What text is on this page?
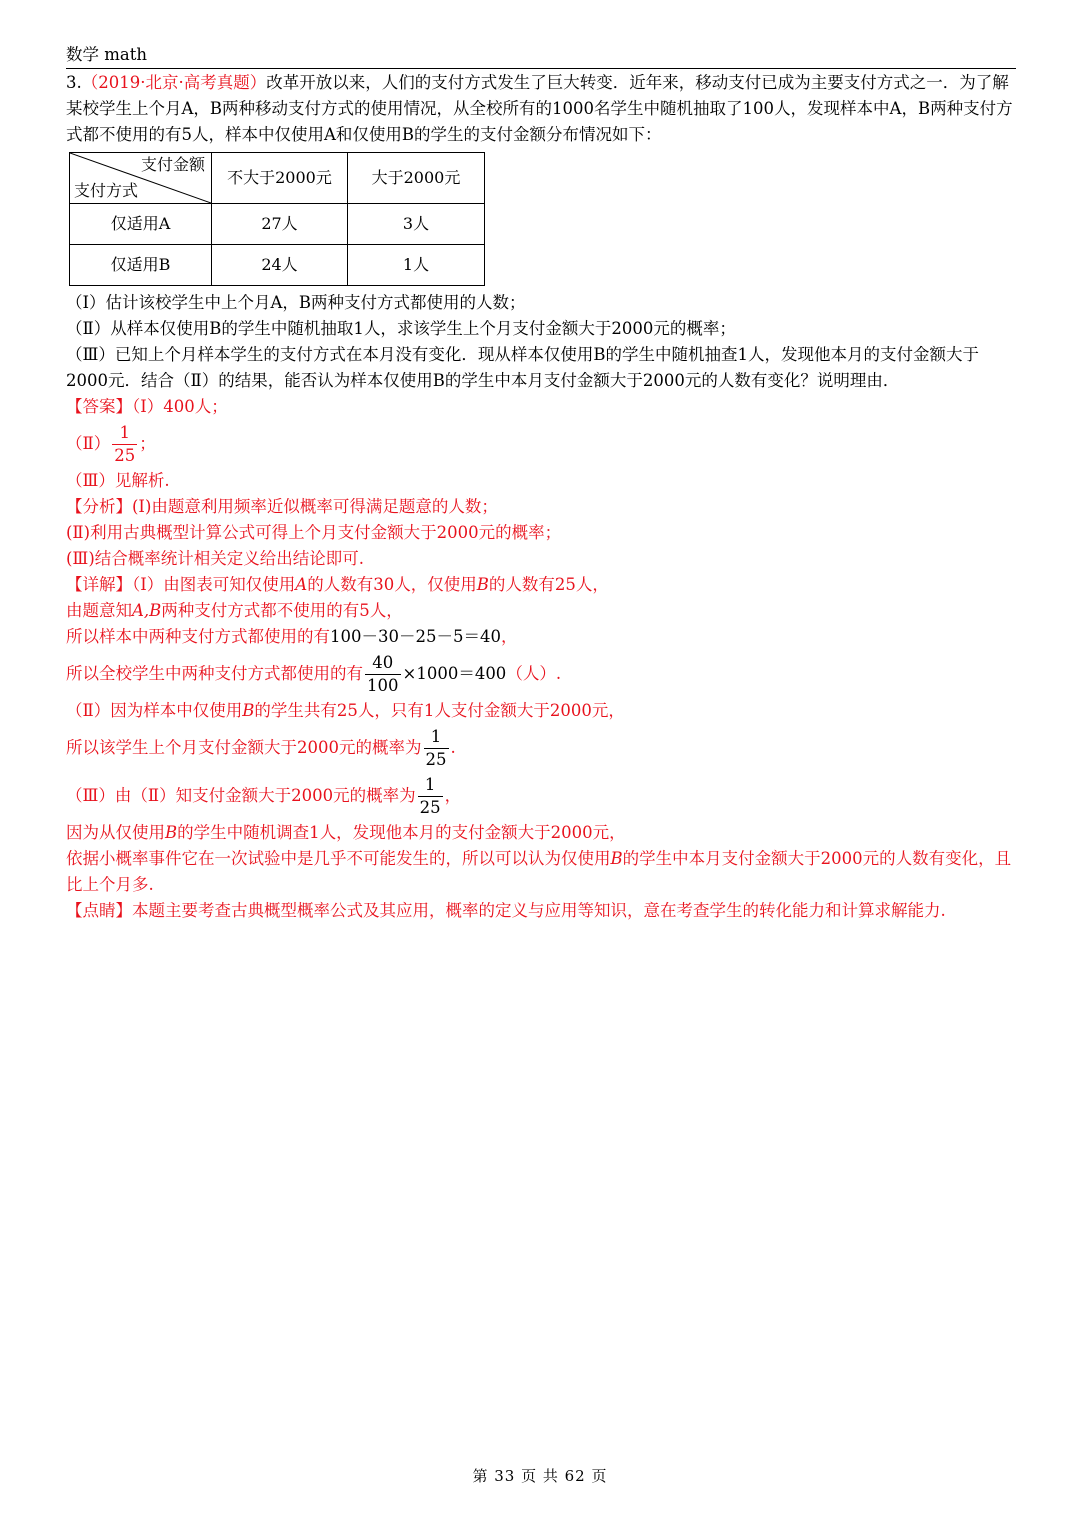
数学 math

3.（2019·北京·高考真题）改革开放以来，人们的支付方式发生了巨大转变．近年来，移动支付已成为主要支付方式之一．为了解某校学生上个月A，B两种移动支付方式的使用情况，从全校所有的1000名学生中随机抽取了100人，发现样本中A，B两种支付方式都不使用的有5人，样本中仅使用A和仅使用B的学生的支付金额分布情况如下：

支付金额
支付方式	不大于2000元	大于2000元
仅适用A	27人	3人
仅适用B	24人	1人

（Ⅰ）估计该校学生中上个月A，B两种支付方式都使用的人数；

（Ⅱ）从样本仅使用B的学生中随机抽取1人，求该学生上个月支付金额大于2000元的概率；

（Ⅲ）已知上个月样本学生的支付方式在本月没有变化．现从样本仅使用B的学生中随机抽查1人，发现他本月的支付金额大于2000元．结合（Ⅱ）的结果，能否认为样本仅使用B的学生中本月支付金额大于2000元的人数有变化？说明理由．

【答案】（Ⅰ）400人；

（Ⅱ） $\frac{1}{25}$ ；

（Ⅲ）见解析.

【分析】(Ⅰ)由题意利用频率近似概率可得满足题意的人数；

(Ⅱ)利用古典概型计算公式可得上个月支付金额大于2000元的概率；

(Ⅲ)结合概率统计相关定义给出结论即可.

【详解】（Ⅰ）由图表可知仅使用A的人数有30人，仅使用B的人数有25人，

由题意知A,B两种支付方式都不使用的有5人，

所以样本中两种支付方式都使用的有100－30－25－5＝40，

所以全校学生中两种支付方式都使用的有 $\frac{40}{100} \times 1000=400$（人）.

（Ⅱ）因为样本中仅使用B的学生共有25人，只有1人支付金额大于2000元，

所以该学生上个月支付金额大于2000元的概率为 $\frac{1}{25}$ .

（Ⅲ）由（Ⅱ）知支付金额大于2000元的概率为 $\frac{1}{25}$ ，

因为从仅使用B的学生中随机调查1人，发现他本月的支付金额大于2000元，

依据小概率事件它在一次试验中是几乎不可能发生的，所以可以认为仅使用B的学生中本月支付金额大于2000元的人数有变化，且比上个月多.

【点睛】本题主要考查古典概型概率公式及其应用，概率的定义与应用等知识，意在考查学生的转化能力和计算求解能力.

第 33 页 共 62 页
